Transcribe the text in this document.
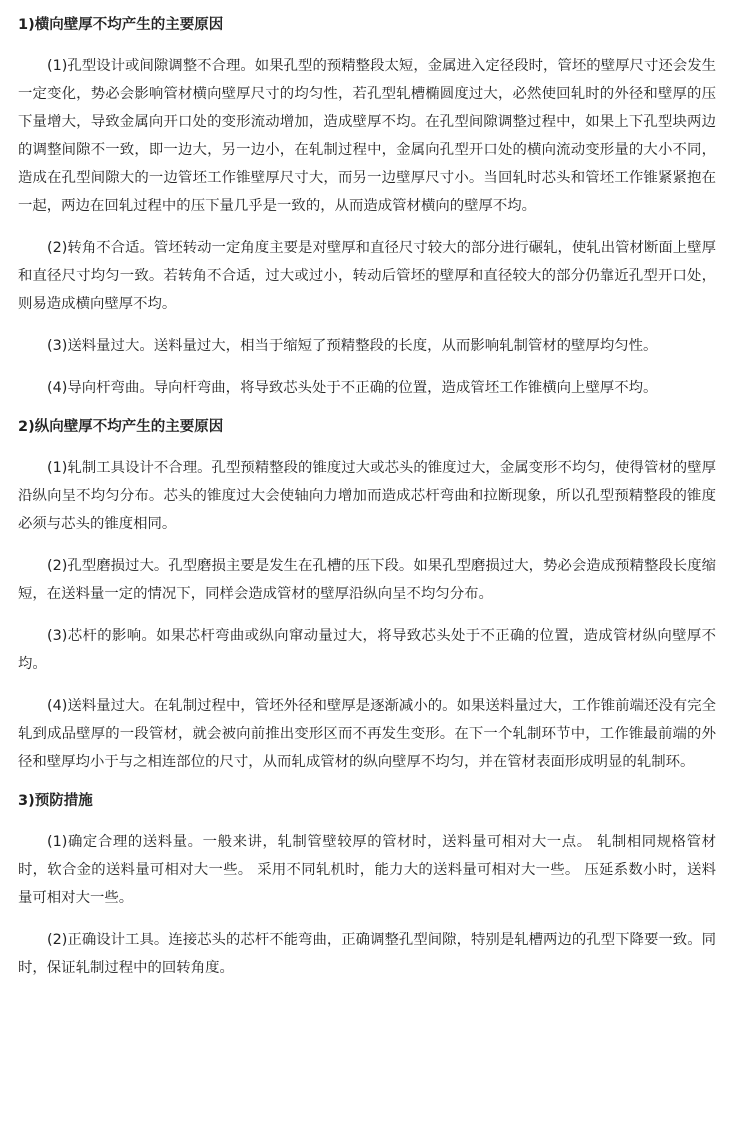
1)横向壁厚不均产生的主要原因

(1)孔型设计或间隙调整不合理。如果孔型的预精整段太短，金属进入定径段时，管坯的壁厚尺寸还会发生一定变化，势必会影响管材横向壁厚尺寸的均匀性，若孔型轧槽椭圆度过大，必然使回轧时的外径和壁厚的压下量增大，导致金属向开口处的变形流动增加，造成壁厚不均。在孔型间隙调整过程中，如果上下孔型块两边的调整间隙不一致，即一边大，另一边小，在轧制过程中，金属向孔型开口处的横向流动变形量的大小不同，造成在孔型间隙大的一边管坯工作锥壁厚尺寸大，而另一边壁厚尺寸小。当回轧时芯头和管坯工作锥紧紧抱在一起，两边在回轧过程中的压下量几乎是一致的，从而造成管材横向的壁厚不均。

(2)转角不合适。管坯转动一定角度主要是对壁厚和直径尺寸较大的部分进行碾轧，使轧出管材断面上壁厚和直径尺寸均匀一致。若转角不合适，过大或过小，转动后管坯的壁厚和直径较大的部分仍靠近孔型开口处，则易造成横向壁厚不均。

(3)送料量过大。送料量过大，相当于缩短了预精整段的长度，从而影响轧制管材的壁厚均匀性。

(4)导向杆弯曲。导向杆弯曲，将导致芯头处于不正确的位置，造成管坯工作锥横向上壁厚不均。

2)纵向壁厚不均产生的主要原因

(1)轧制工具设计不合理。孔型预精整段的锥度过大或芯头的锥度过大，金属变形不均匀，使得管材的壁厚沿纵向呈不均匀分布。芯头的锥度过大会使轴向力增加而造成芯杆弯曲和拉断现象，所以孔型预精整段的锥度必须与芯头的锥度相同。

(2)孔型磨损过大。孔型磨损主要是发生在孔槽的压下段。如果孔型磨损过大，势必会造成预精整段长度缩短，在送料量一定的情况下，同样会造成管材的壁厚沿纵向呈不均匀分布。

(3)芯杆的影响。如果芯杆弯曲或纵向窜动量过大，将导致芯头处于不正确的位置，造成管材纵向壁厚不均。

(4)送料量过大。在轧制过程中，管坯外径和壁厚是逐渐减小的。如果送料量过大，工作锥前端还没有完全轧到成品壁厚的一段管材，就会被向前推出变形区而不再发生变形。在下一个轧制环节中，工作锥最前端的外径和壁厚均小于与之相连部位的尺寸，从而轧成管材的纵向壁厚不均匀，并在管材表面形成明显的轧制环。

3)预防措施

(1)确定合理的送料量。一般来讲，轧制管壁较厚的管材时，送料量可相对大一点。 轧制相同规格管材时，软合金的送料量可相对大一些。 采用不同轧机时，能力大的送料量可相对大一些。 压延系数小时，送料量可相对大一些。

(2)正确设计工具。连接芯头的芯杆不能弯曲，正确调整孔型间隙，特别是轧槽两边的孔型下降要一致。同时，保证轧制过程中的回转角度。
